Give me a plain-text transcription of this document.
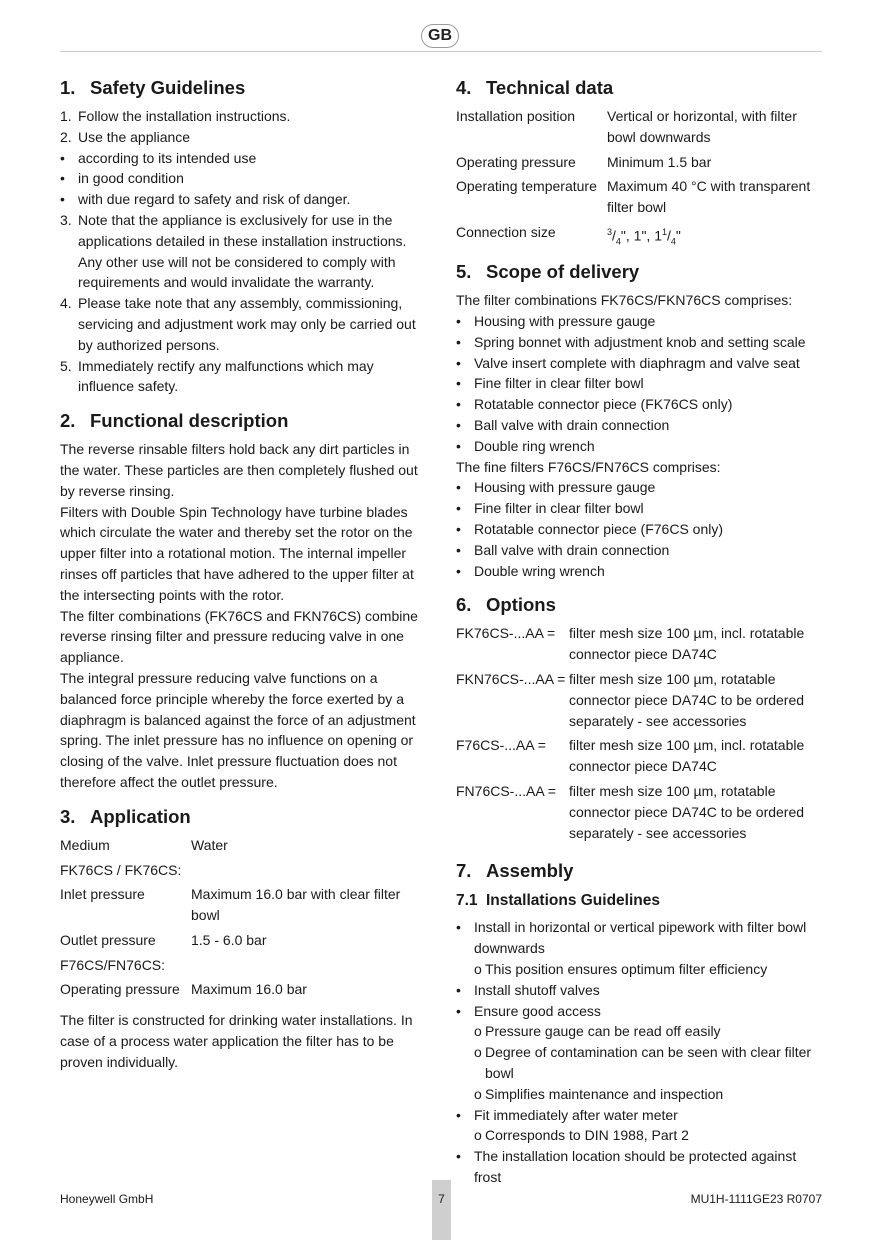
GB
1. Safety Guidelines
1. Follow the installation instructions.
2. Use the appliance
• according to its intended use
• in good condition
• with due regard to safety and risk of danger.
3. Note that the appliance is exclusively for use in the applications detailed in these installation instructions. Any other use will not be considered to comply with requirements and would invalidate the warranty.
4. Please take note that any assembly, commissioning, servicing and adjustment work may only be carried out by authorized persons.
5. Immediately rectify any malfunctions which may influence safety.
2. Functional description

The reverse rinsable filters hold back any dirt particles in the water. These particles are then completely flushed out by reverse rinsing.

Filters with Double Spin Technology have turbine blades which circulate the water and thereby set the rotor on the upper filter into a rotational motion. The internal impeller rinses off particles that have adhered to the upper filter at the intersecting points with the rotor.

The filter combinations (FK76CS and FKN76CS) combine reverse rinsing filter and pressure reducing valve in one appliance.

The integral pressure reducing valve functions on a balanced force principle whereby the force exerted by a diaphragm is balanced against the force of an adjustment spring. The inlet pressure has no influence on opening or closing of the valve. Inlet pressure fluctuation does not therefore affect the outlet pressure.

3. Application
Medium	Water
FK76CS / FK76CS:	
Inlet pressure	Maximum 16.0 bar with clear filter bowl
Outlet pressure	1.5 - 6.0 bar
F76CS/FN76CS:	
Operating pressure	Maximum 16.0 bar

The filter is constructed for drinking water installations. In case of a process water application the filter has to be proven individually.

4. Technical data
Installation position	Vertical or horizontal, with filter bowl downwards
Operating pressure	Minimum 1.5 bar
Operating temperature	Maximum 40 °C with transparent filter bowl
Connection size	$^3/_4$", 1", $1^1/_4$"
5. Scope of delivery

The filter combinations FK76CS/FKN76CS comprises:

• Housing with pressure gauge
• Spring bonnet with adjustment knob and setting scale
• Valve insert complete with diaphragm and valve seat
• Fine filter in clear filter bowl
• Rotatable connector piece (FK76CS only)
• Ball valve with drain connection
• Double ring wrench

The fine filters F76CS/FN76CS comprises:

• Housing with pressure gauge
• Fine filter in clear filter bowl
• Rotatable connector piece (F76CS only)
• Ball valve with drain connection
• Double wring wrench
6. Options
FK76CS-...AA =	filter mesh size 100 µm, incl. rotatable connector piece DA74C
FKN76CS-...AA =	filter mesh size 100 µm, rotatable connector piece DA74C to be ordered separately - see accessories
F76CS-...AA =	filter mesh size 100 µm, incl. rotatable connector piece DA74C
FN76CS-...AA =	filter mesh size 100 µm, rotatable connector piece DA74C to be ordered separately - see accessories
7. Assembly
7.1 Installations Guidelines
• Install in horizontal or vertical pipework with filter bowl downwards
o This position ensures optimum filter efficiency
• Install shutoff valves
• Ensure good access
o Pressure gauge can be read off easily
o Degree of contamination can be seen with clear filter bowl
o Simplifies maintenance and inspection
• Fit immediately after water meter
o Corresponds to DIN 1988, Part 2
• The installation location should be protected against frost
Honeywell GmbH	7	MU1H-1111GE23 R0707
